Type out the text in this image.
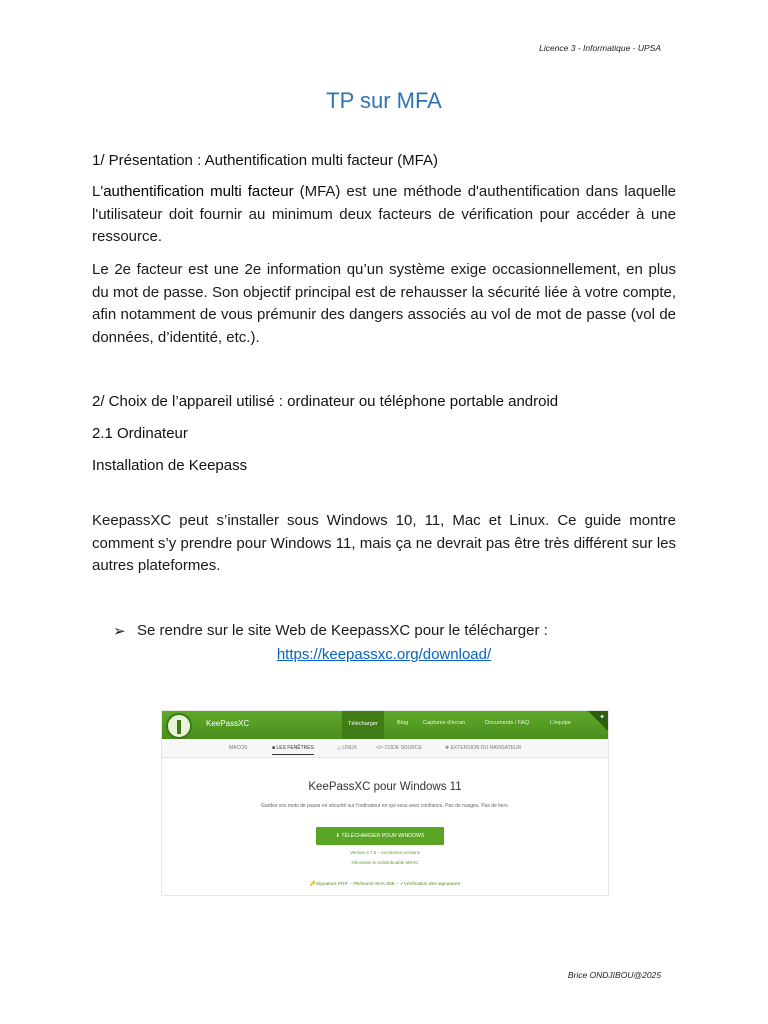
Licence 3 - Informatique - UPSA
TP sur MFA
1/ Présentation : Authentification multi facteur (MFA)
L'authentification multi facteur (MFA) est une méthode d'authentification dans laquelle l'utilisateur doit fournir au minimum deux facteurs de vérification pour accéder à une ressource.
Le 2e facteur est une 2e information qu’un système exige occasionnellement, en plus du mot de passe. Son objectif principal est de rehausser la sécurité liée à votre compte, afin notamment de vous prémunir des dangers associés au vol de mot de passe (vol de données, d’identité, etc.).
2/ Choix de l’appareil utilisé : ordinateur ou téléphone portable android
2.1 Ordinateur
Installation de Keepass
KeepassXC peut s’installer sous Windows 10, 11, Mac et Linux. Ce guide montre comment s’y prendre pour Windows 11, mais ça ne devrait pas être très différent sur les autres plateformes.
➢ Se rendre sur le site Web de KeepassXC pour le télécharger :
https://keepassxc.org/download/
KeePassXC	Télécharger	Blog	Captures d'écran	Documents / FAQ	L'équipe
✦
MACOS	■ LES FENÊTRES	△ LINUX	</> CODE SOURCE	✚ EXTENSION DU NAVIGATEUR
KeePassXC pour Windows 11
Gardez vos mots de passe en sécurité sur l'ordinateur en qui vous avez confiance. Pas de nuages. Pas de tiers.
⬇ TÉLÉCHARGER POUR WINDOWS
Version 2.7.6 – Anciennes versions
Nécessite le redistribuable MSVC
🔑Signature PGP – #Résumé SHA-256 – ✓Vérification des signatures
Brice ONDJIBOU@2025
